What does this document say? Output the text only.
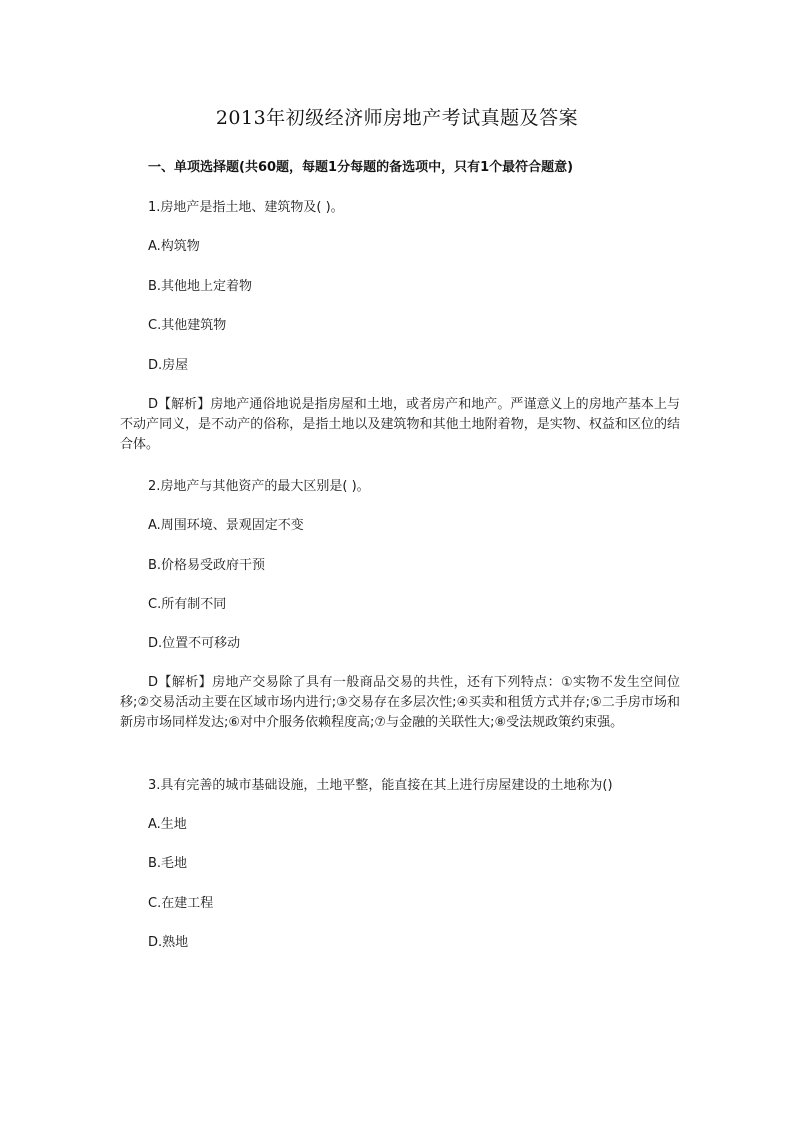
2013年初级经济师房地产考试真题及答案
一、单项选择题(共60题，每题1分每题的备选项中，只有1个最符合题意)
1.房地产是指土地、建筑物及( )。
A.构筑物
B.其他地上定着物
C.其他建筑物
D.房屋
D【解析】房地产通俗地说是指房屋和土地，或者房产和地产。严谨意义上的房地产基本上与不动产同义，是不动产的俗称，是指土地以及建筑物和其他土地附着物，是实物、权益和区位的结合体。
2.房地产与其他资产的最大区别是( )。
A.周围环境、景观固定不变
B.价格易受政府干预
C.所有制不同
D.位置不可移动
D【解析】房地产交易除了具有一般商品交易的共性，还有下列特点：①实物不发生空间位移;②交易活动主要在区域市场内进行;③交易存在多层次性;④买卖和租赁方式并存;⑤二手房市场和新房市场同样发达;⑥对中介服务依赖程度高;⑦与金融的关联性大;⑧受法规政策约束强。
3.具有完善的城市基础设施，土地平整，能直接在其上进行房屋建设的土地称为()
A.生地
B.毛地
C.在建工程
D.熟地
